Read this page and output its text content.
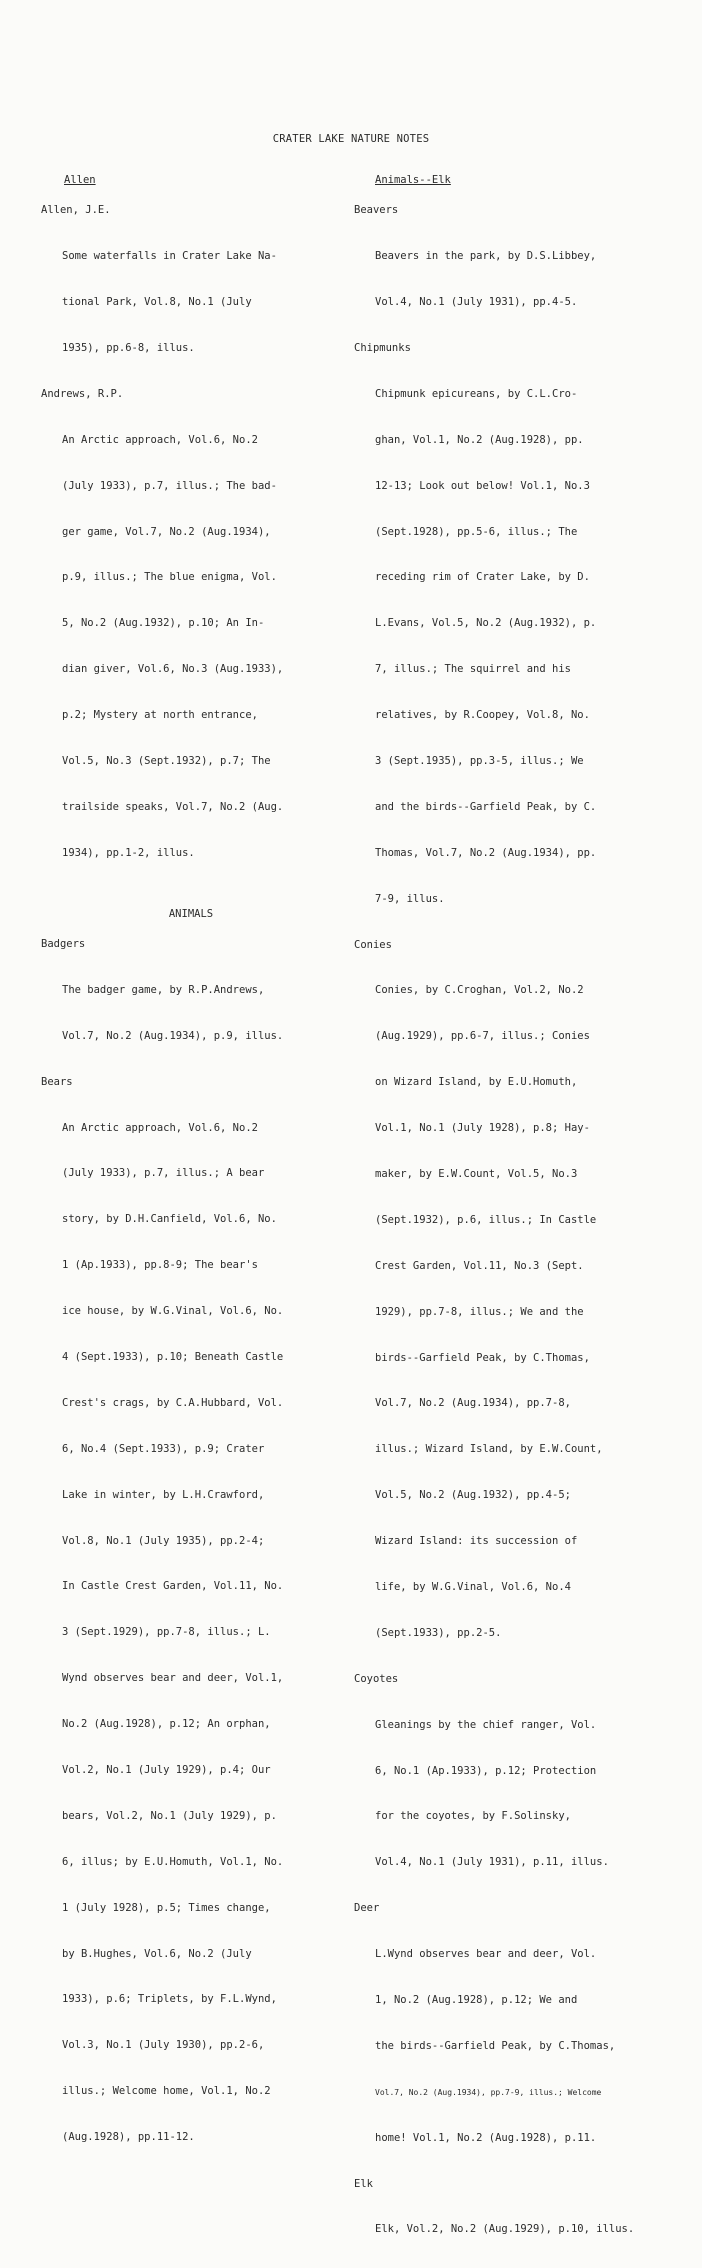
CRATER LAKE NATURE NOTES
Allen
Allen, J.E.

Some waterfalls in Crater Lake Na-

tional Park, Vol.8, No.1 (July

1935), pp.6-8, illus.

Andrews, R.P.

An Arctic approach, Vol.6, No.2

(July 1933), p.7, illus.; The bad-

ger game, Vol.7, No.2 (Aug.1934),

p.9, illus.; The blue enigma, Vol.

5, No.2 (Aug.1932), p.10; An In-

dian giver, Vol.6, No.3 (Aug.1933),

p.2; Mystery at north entrance,

Vol.5, No.3 (Sept.1932), p.7; The

trailside speaks, Vol.7, No.2 (Aug.

1934), pp.1-2, illus.

ANIMALS
Badgers

The badger game, by R.P.Andrews,

Vol.7, No.2 (Aug.1934), p.9, illus.

Bears

An Arctic approach, Vol.6, No.2

(July 1933), p.7, illus.; A bear

story, by D.H.Canfield, Vol.6, No.

1 (Ap.1933), pp.8-9; The bear's

ice house, by W.G.Vinal, Vol.6, No.

4 (Sept.1933), p.10; Beneath Castle

Crest's crags, by C.A.Hubbard, Vol.

6, No.4 (Sept.1933), p.9; Crater

Lake in winter, by L.H.Crawford,

Vol.8, No.1 (July 1935), pp.2-4;

In Castle Crest Garden, Vol.11, No.

3 (Sept.1929), pp.7-8, illus.; L.

Wynd observes bear and deer, Vol.1,

No.2 (Aug.1928), p.12; An orphan,

Vol.2, No.1 (July 1929), p.4; Our

bears, Vol.2, No.1 (July 1929), p.

6, illus; by E.U.Homuth, Vol.1, No.

1 (July 1928), p.5; Times change,

by B.Hughes, Vol.6, No.2 (July

1933), p.6; Triplets, by F.L.Wynd,

Vol.3, No.1 (July 1930), pp.2-6,

illus.; Welcome home, Vol.1, No.2

(Aug.1928), pp.11-12.

Animals--Elk
Beavers

Beavers in the park, by D.S.Libbey,

Vol.4, No.1 (July 1931), pp.4-5.

Chipmunks

Chipmunk epicureans, by C.L.Cro-

ghan, Vol.1, No.2 (Aug.1928), pp.

12-13; Look out below! Vol.1, No.3

(Sept.1928), pp.5-6, illus.; The

receding rim of Crater Lake, by D.

L.Evans, Vol.5, No.2 (Aug.1932), p.

7, illus.; The squirrel and his

relatives, by R.Coopey, Vol.8, No.

3 (Sept.1935), pp.3-5, illus.; We

and the birds--Garfield Peak, by C.

Thomas, Vol.7, No.2 (Aug.1934), pp.

7-9, illus.

Conies

Conies, by C.Croghan, Vol.2, No.2

(Aug.1929), pp.6-7, illus.; Conies

on Wizard Island, by E.U.Homuth,

Vol.1, No.1 (July 1928), p.8; Hay-

maker, by E.W.Count, Vol.5, No.3

(Sept.1932), p.6, illus.; In Castle

Crest Garden, Vol.11, No.3 (Sept.

1929), pp.7-8, illus.; We and the

birds--Garfield Peak, by C.Thomas,

Vol.7, No.2 (Aug.1934), pp.7-8,

illus.; Wizard Island, by E.W.Count,

Vol.5, No.2 (Aug.1932), pp.4-5;

Wizard Island: its succession of

life, by W.G.Vinal, Vol.6, No.4

(Sept.1933), pp.2-5.

Coyotes

Gleanings by the chief ranger, Vol.

6, No.1 (Ap.1933), p.12; Protection

for the coyotes, by F.Solinsky,

Vol.4, No.1 (July 1931), p.11, illus.

Deer

L.Wynd observes bear and deer, Vol.

1, No.2 (Aug.1928), p.12; We and

the birds--Garfield Peak, by C.Thomas,

Vol.7, No.2 (Aug.1934), pp.7-9, illus.; Welcome

home! Vol.1, No.2 (Aug.1928), p.11.

Elk

Elk, Vol.2, No.2 (Aug.1929), p.10, illus.
